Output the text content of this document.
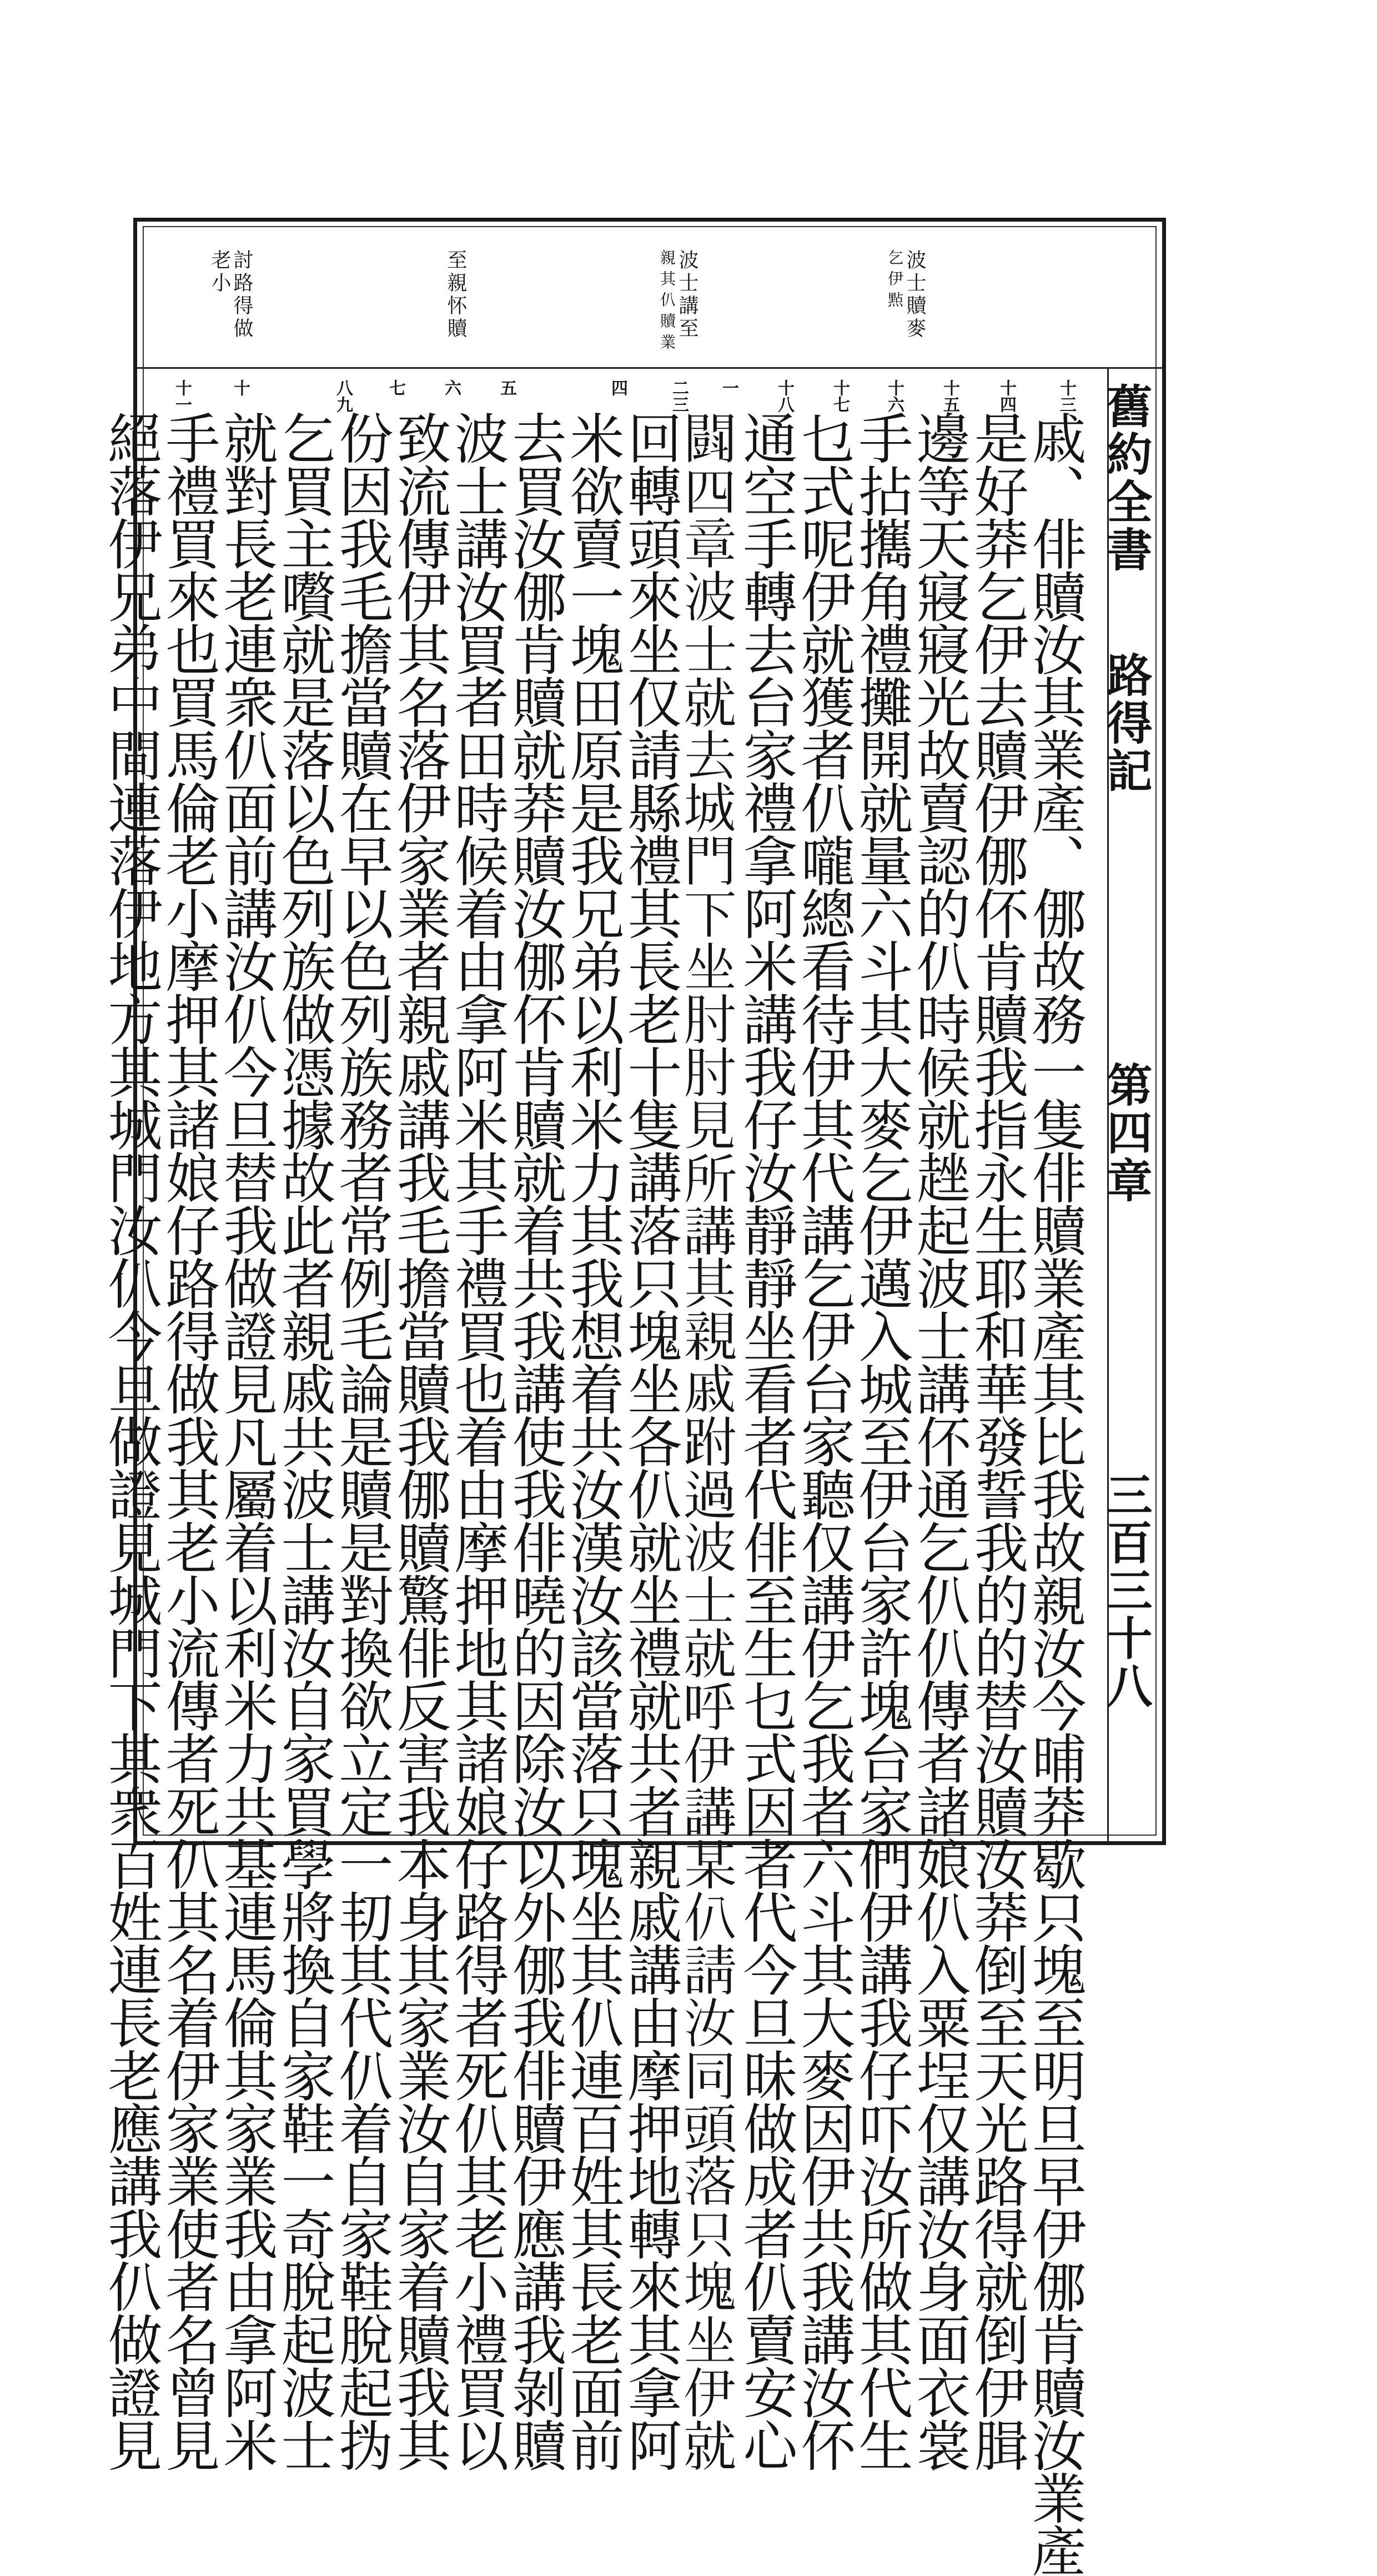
波士贖麥
乞伊㸃
波士講至
親其仈贖業
至親怀贖
討路得做
老小
十三
十四
十五
十六
十七
十八
一
二三
四
五
六
七
八九
十
十一
戚、俳贖汝其業產、㑚故務一隻俳贖業產其比我故親汝今晡莽歇只塊至明旦早伊㑚肯贖汝業產
是好莽乞伊去贖伊㑚伓肯贖我指永生耶和華發誓我的的替汝贖汝莽倒至天光路得就倒伊䐕
邊等天寢寢光故賣認的仈時候就趖起波士講伓通乞仈仈傳者諸娘仈入粟埕仅講汝身面衣裳
手拈𢹂角禮攤開就量六斗其大麥乞伊邁入城至伊台家許塊台家們伊講我仔吓汝所做其代生
乜式呢伊就獲者仈嚨總看待伊其代講乞伊台家聽仅講伊乞我者六斗其大麥因伊共我講汝伓
通空手轉去台家禮拿阿米講我仔汝靜靜坐看者代俳至生乜式因者代今旦昧做成者仈賣安心
𨶜四章波士就去城門下坐肘肘見所講其親戚跗過波士就呼伊講某仈請汝同頭落只塊坐伊就
回轉頭來坐仅請縣禮其長老十隻講落只塊坐各仈就坐禮就共者親戚講由摩押地轉來其拿阿
米欲賣一塊田原是我兄弟以利米力其我想着共汝漢汝該當落只塊坐其仈連百姓其長老面前
去買汝㑚肯贖就莽贖汝㑚伓肯贖就着共我講使我俳曉的因除汝以外㑚我俳贖伊應講我剝贖
波士講汝買者田時候着由拿阿米其手禮買也着由摩押地其諸娘仔路得者死仈其老小禮買以
致流傳伊其名落伊家業者親戚講我毛擔當贖我㑚贖驚俳反害我本身其家業汝自家着贖我其
份因我毛擔當贖在早以色列族務者常例毛論是贖是對換欲立定一㓞其代仈着自家鞋脫起㧑
乞買主嚽就是落以色列族做憑據故此者親戚共波士講汝自家買學將換自家鞋一奇脫起波士
就對長老連衆仈面前講汝仈今旦替我做證見凡屬着以利米力共基連馬倫其家業我由拿阿米
手禮買來也買馬倫老小摩押其諸娘仔路得做我其老小流傳者死仈其名着伊家業使者名曾見
絕落伊兄弟中間連落伊地方其城門汝仈今旦做證見城門下其衆百姓連長老應講我仈做證見	舊約全書路得記第四章三百三十八
